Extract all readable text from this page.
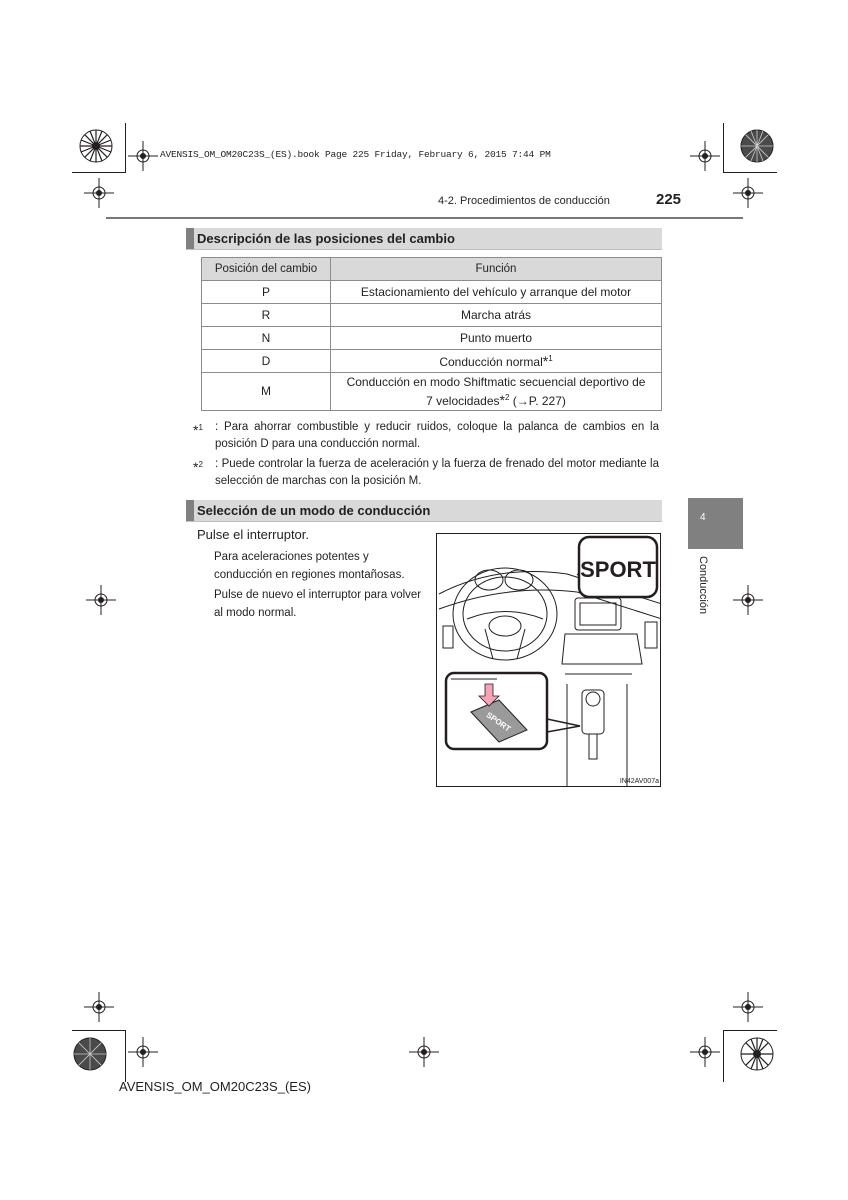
AVENSIS_OM_OM20C23S_(ES).book Page 225 Friday, February 6, 2015 7:44 PM
4-2. Procedimientos de conducción	225
Descripción de las posiciones del cambio
Posición del cambio	Función
P	Estacionamiento del vehículo y arranque del motor
R	Marcha atrás
N	Punto muerto
D	Conducción normal*$^1$
M	Conducción en modo Shiftmatic secuencial deportivo de
7 velocidades*$^2$ (→P. 227)
*$^1$ : Para ahorrar combustible y reducir ruidos, coloque la palanca de cambios en la posición D para una conducción normal.
*$^2$ : Puede controlar la fuerza de aceleración y la fuerza de frenado del motor mediante la selección de marchas con la posición M.
Selección de un modo de conducción
Pulse el interruptor.
Para aceleraciones potentes y conducción en regiones montañosas.
Pulse de nuevo el interruptor para volver al modo normal.
SPORT
SPORT
IN42AV007a
4
Conducción
AVENSIS_OM_OM20C23S_(ES)
